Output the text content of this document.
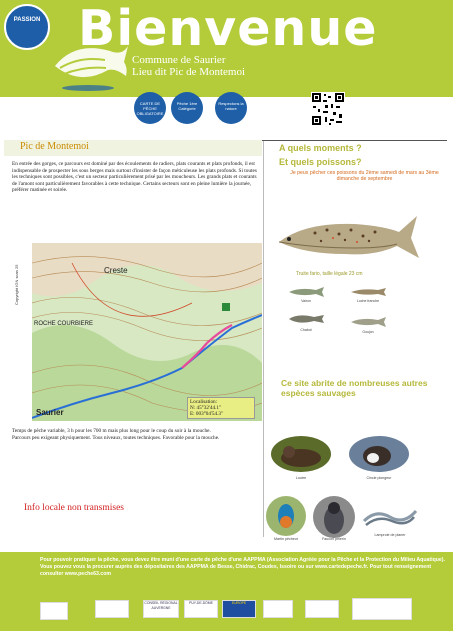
PASSION Bienvenue
Commune de Saurier
Lieu dit Pic de Montemoi
CARTE DE PÊCHE OBLIGATOIRE
Pêche 1ère Catégorie
Respectons la nature
Pic de Montemoi
En entrée des gorges, ce parcours est dominé par des écoulements de radiers, plats courants et plats profonds, il est indispensable de prospecter les sous berges mais surtout d'insister de façon méticuleuse les plats profonds. Si toutes les techniques sont possibles, c'est un secteur particulièrement prisé par les moucheurs. Les grands plats et courants de l'amont sont particulièrement favorables à cette technique. Certains secteurs sont en pleine lumière la journée, préférer matinée et soirée.
Copyright IGN scan 25	Creste
ROCHE COURBIERE
Saurier
Localisation:
N: 45°32'44.1"
E: 003°04'54.3"
Temps de pêche variable, 3 h pour les 700 m mais plus long pour le coup du soir à la mouche.
Parcours peu exigeant physiquement. Tous niveaux, toutes techniques. Favorable pour la mouche.
Info locale non transmises
A quels moments ?
Et quels poissons?
Je peux pêcher ces poissons du 2ème samedi de mars au 3ème dimanche de septembre
Truite fario, taille légale 23 cm
Vairon	Loche franche
Chabot	Goujon
Ce site abrite de nombreuses autres espèces sauvages
Loutre	Cincle plongeur
Martin pêcheur	Faucon pèlerin
Lamproie de planer
Pour pouvoir pratiquer la pêche, vous devez être muni d'une carte de pêche d'une AAPPMA (Association Agréée pour la Pêche et la Protection du Milieu Aquatique). Vous pouvez vous la procurer auprès des dépositaires des AAPPMA de Besse, Chidrac, Coudes, Issoire ou sur www.cartedepeche.fr. Pour tout renseignement consulter www.peche63.com
CONSEIL RÉGIONAL AUVERGNE
PUY-DE-DÔME	EUROPE
